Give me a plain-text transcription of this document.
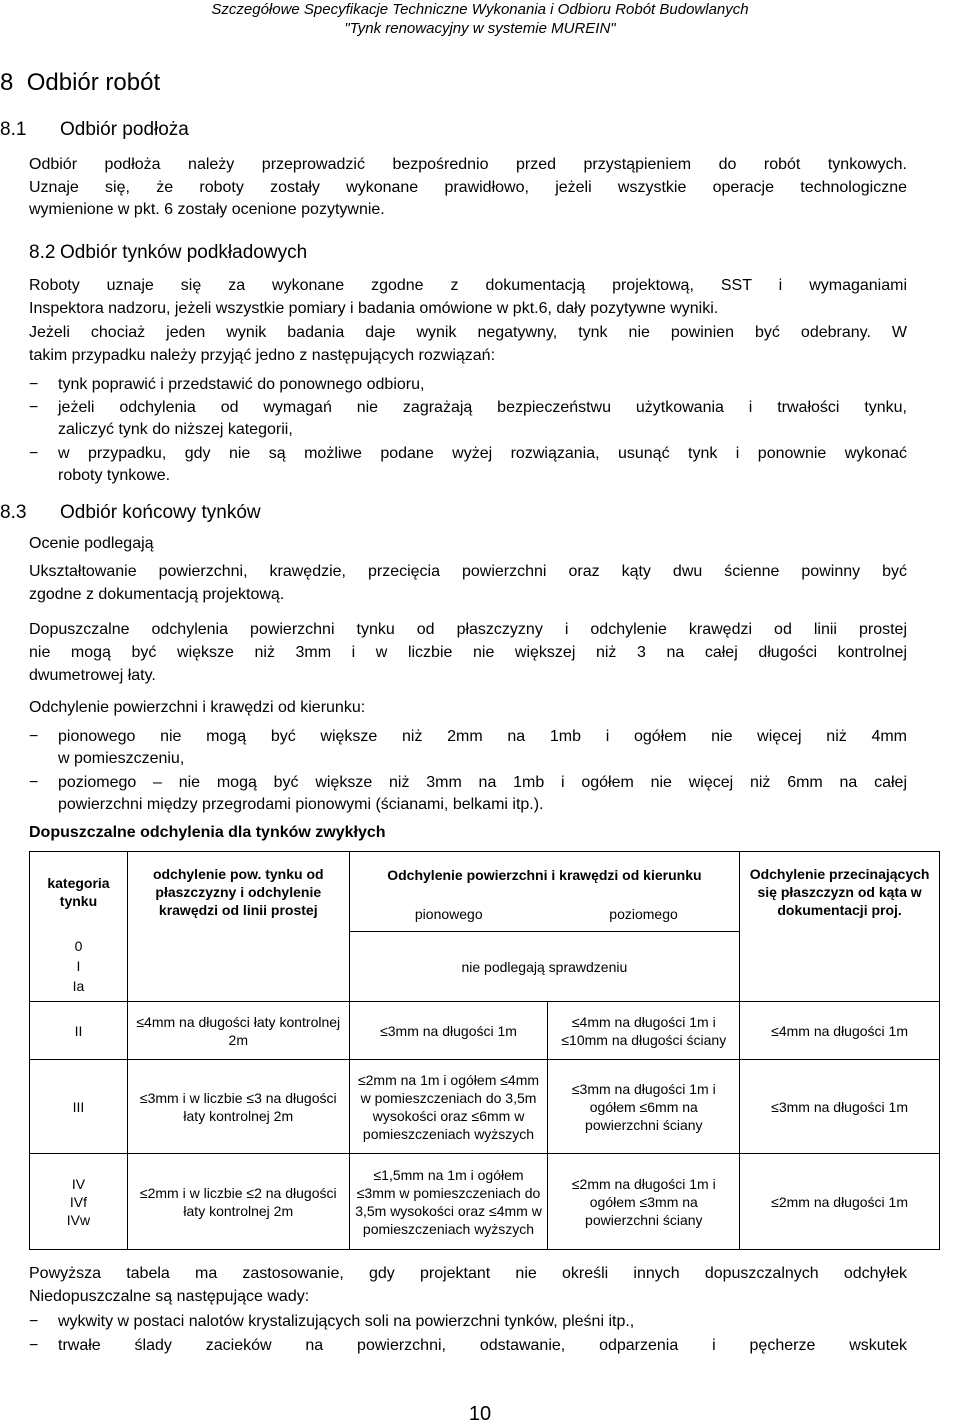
Szczegółowe Specyfikacje Techniczne Wykonania i Odbioru Robót Budowlanych
"Tynk renowacyjny w systemie MUREIN"
8 Odbiór robót
8.1 Odbiór podłoża
Odbiór podłoża należy przeprowadzić bezpośrednio przed przystąpieniem do robót tynkowych.
Uznaje się, że roboty zostały wykonane prawidłowo, jeżeli wszystkie operacje technologiczne
wymienione w pkt. 6 zostały ocenione pozytywnie.
8.2 Odbiór tynków podkładowych
Roboty uznaje się za wykonane zgodne z dokumentacją projektową, SST i wymaganiami
Inspektora nadzoru, jeżeli wszystkie pomiary i badania omówione w pkt.6, dały pozytywne wyniki.
Jeżeli chociaż jeden wynik badania daje wynik negatywny, tynk nie powinien być odebrany. W
takim przypadku należy przyjąć jedno z następujących rozwiązań:
− tynk poprawić i przedstawić do ponownego odbioru,
− jeżeli odchylenia od wymagań nie zagrażają bezpieczeństwu użytkowania i trwałości tynku,
zaliczyć tynk do niższej kategorii,
− w przypadku, gdy nie są możliwe podane wyżej rozwiązania, usunąć tynk i ponownie wykonać
roboty tynkowe.
8.3 Odbiór końcowy tynków
Ocenie podlegają
Ukształtowanie powierzchni, krawędzie, przecięcia powierzchni oraz kąty dwu ścienne powinny być
zgodne z dokumentacją projektową.
Dopuszczalne odchylenia powierzchni tynku od płaszczyzny i odchylenie krawędzi od linii prostej
nie mogą być większe niż 3mm i w liczbie nie większej niż 3 na całej długości kontrolnej
dwumetrowej łaty.
Odchylenie powierzchni i krawędzi od kierunku:
− pionowego nie mogą być większe niż 2mm na 1mb i ogółem nie więcej niż 4mm
w pomieszczeniu,
− poziomego – nie mogą być większe niż 3mm na 1mb i ogółem nie więcej niż 6mm na całej
powierzchni między przegrodami pionowymi (ścianami, belkami itp.).
Dopuszczalne odchylenia dla tynków zwykłych
kategoria tynku	odchylenie pow. tynku od płaszczyzny i odchylenie krawędzi od linii prostej	Odchylenie powierzchni i krawędzi od kierunku		Odchylenie przecinających się płaszczyzn od kąta w dokumentacji proj.
		pionowego	poziomego	

0
I
Ia		nie podlegają sprawdzeniu		
II	≤4mm na długości łaty kontrolnej 2m	≤3mm na długości 1m	≤4mm na długości 1m i ≤10mm na długości ściany	≤4mm na długości 1m
III	≤3mm i w liczbie ≤3 na długości łaty kontrolnej 2m	≤2mm na 1m i ogółem ≤4mm w pomieszczeniach do 3,5m wysokości oraz ≤6mm w pomieszczeniach wyższych	≤3mm na długości 1m i ogółem ≤6mm na powierzchni ściany	≤3mm na długości 1m

IV
IVf
IVw	≤2mm i w liczbie ≤2 na długości łaty kontrolnej 2m	≤1,5mm na 1m i ogółem ≤3mm w pomieszczeniach do 3,5m wysokości oraz ≤4mm w pomieszczeniach wyższych	≤2mm na długości 1m i ogółem ≤3mm na powierzchni ściany	≤2mm na długości 1m
Powyższa tabela ma zastosowanie, gdy projektant nie określi innych dopuszczalnych odchyłek
Niedopuszczalne są następujące wady:
− wykwity w postaci nalotów krystalizujących soli na powierzchni tynków, pleśni itp.,
− trwałe ślady zacieków na powierzchni, odstawanie, odparzenia i pęcherze wskutek
10
